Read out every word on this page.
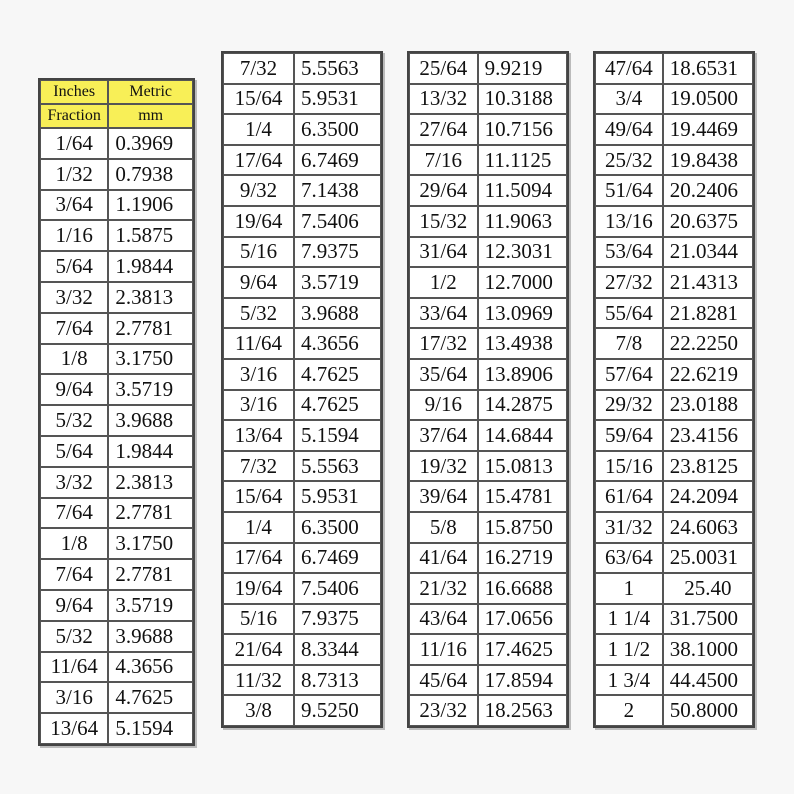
Inches	Metric
Fraction	mm
1/64	0.3969
1/32	0.7938
3/64	1.1906
1/16	1.5875
5/64	1.9844
3/32	2.3813
7/64	2.7781
1/8	3.1750
9/64	3.5719
5/32	3.9688
5/64	1.9844
3/32	2.3813
7/64	2.7781
1/8	3.1750
7/64	2.7781
9/64	3.5719
5/32	3.9688
11/64	4.3656
3/16	4.7625
13/64	5.1594
7/32	5.5563
15/64	5.9531
1/4	6.3500
17/64	6.7469
9/32	7.1438
19/64	7.5406
5/16	7.9375
9/64	3.5719
5/32	3.9688
11/64	4.3656
3/16	4.7625
3/16	4.7625
13/64	5.1594
7/32	5.5563
15/64	5.9531
1/4	6.3500
17/64	6.7469
19/64	7.5406
5/16	7.9375
21/64	8.3344
11/32	8.7313
3/8	9.5250
25/64	9.9219
13/32	10.3188
27/64	10.7156
7/16	11.1125
29/64	11.5094
15/32	11.9063
31/64	12.3031
1/2	12.7000
33/64	13.0969
17/32	13.4938
35/64	13.8906
9/16	14.2875
37/64	14.6844
19/32	15.0813
39/64	15.4781
5/8	15.8750
41/64	16.2719
21/32	16.6688
43/64	17.0656
11/16	17.4625
45/64	17.8594
23/32	18.2563
47/64	18.6531
3/4	19.0500
49/64	19.4469
25/32	19.8438
51/64	20.2406
13/16	20.6375
53/64	21.0344
27/32	21.4313
55/64	21.8281
7/8	22.2250
57/64	22.6219
29/32	23.0188
59/64	23.4156
15/16	23.8125
61/64	24.2094
31/32	24.6063
63/64	25.0031
1	25.40
1 1/4	31.7500
1 1/2	38.1000
1 3/4	44.4500
2	50.8000
